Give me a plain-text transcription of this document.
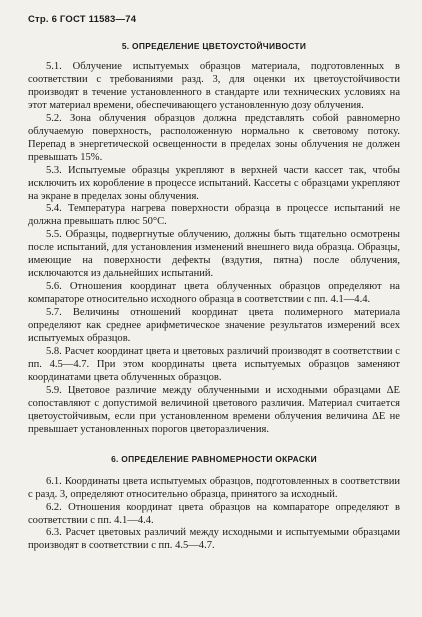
Стр. 6 ГОСТ 11583—74
5. ОПРЕДЕЛЕНИЕ ЦВЕТОУСТОЙЧИВОСТИ

5.1. Облучение испытуемых образцов материала, подготовленных в соответствии с требованиями разд. 3, для оценки их цветоустойчивости производят в течение установленного в стандарте или технических условиях на этот материал времени, обеспечивающего установленную дозу облучения.

5.2. Зона облучения образцов должна представлять собой равномерно облучаемую поверхность, расположенную нормально к световому потоку. Перепад в энергетической освещенности в пределах зоны облучения не должен превышать 15%.

5.3. Испытуемые образцы укрепляют в верхней части кассет так, чтобы исключить их коробление в процессе испытаний. Кассеты с образцами укрепляют на экране в пределах зоны облучения.

5.4. Температура нагрева поверхности образца в процессе испытаний не должна превышать плюс 50°С.

5.5. Образцы, подвергнутые облучению, должны быть тщательно осмотрены после испытаний, для установления изменений внешнего вида образца. Образцы, имеющие на поверхности дефекты (вздутия, пятна) после облучения, исключаются из дальнейших испытаний.

5.6. Отношения координат цвета облученных образцов определяют на компараторе относительно исходного образца в соответствии с пп. 4.1—4.4.

5.7. Величины отношений координат цвета полимерного материала определяют как среднее арифметическое значение результатов измерений всех испытуемых образцов.

5.8. Расчет координат цвета и цветовых различий производят в соответствии с пп. 4.5—4.7. При этом координаты цвета испытуемых образцов заменяют координатами цвета облученных образцов.

5.9. Цветовое различие между облученными и исходными образцами ΔE сопоставляют с допустимой величиной цветового различия. Материал считается цветоустойчивым, если при установленном времени облучения величина ΔE не превышает установленных порогов цветоразличения.

6. ОПРЕДЕЛЕНИЕ РАВНОМЕРНОСТИ ОКРАСКИ

6.1. Координаты цвета испытуемых образцов, подготовленных в соответствии с разд. 3, определяют относительно образца, принятого за исходный.

6.2. Отношения координат цвета образцов на компараторе определяют в соответствии с пп. 4.1—4.4.

6.3. Расчет цветовых различий между исходными и испытуемыми образцами производят в соответствии с пп. 4.5—4.7.
